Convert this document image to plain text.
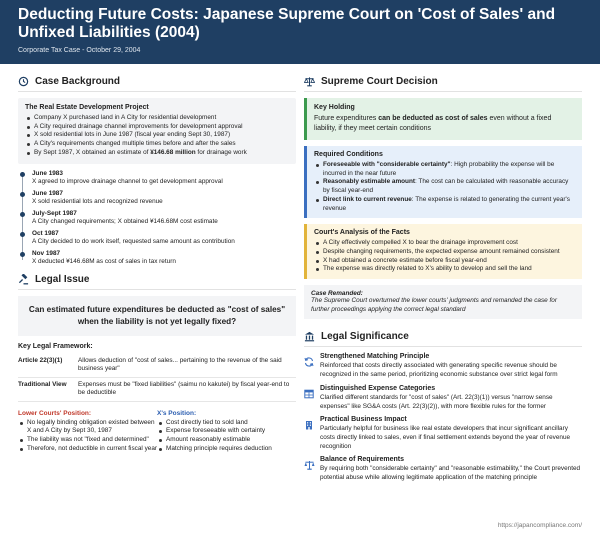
Deducting Future Costs: Japanese Supreme Court on 'Cost of Sales' and Unfixed Liabilities (2004)
Corporate Tax Case - October 29, 2004
Case Background
The Real Estate Development Project
Company X purchased land in A City for residential development
A City required drainage channel improvements for development approval
X sold residential lots in June 1987 (fiscal year ending Sept 30, 1987)
A City's requirements changed multiple times before and after the sales
By Sept 1987, X obtained an estimate of ¥146.68 million for drainage work
June 1983
X agreed to improve drainage channel to get development approval
June 1987
X sold residential lots and recognized revenue
July-Sept 1987
A City changed requirements; X obtained ¥146.68M cost estimate
Oct 1987
A City decided to do work itself, requested same amount as contribution
Nov 1987
X deducted ¥146.68M as cost of sales in tax return
Legal Issue
Can estimated future expenditures be deducted as "cost of sales" when the liability is not yet legally fixed?
Key Legal Framework:
Article 22(3)(1)	Allows deduction of "cost of sales... pertaining to the revenue of the said business year"
Traditional View	Expenses must be "fixed liabilities" (saimu no kakutei) by fiscal year-end to be deductible
Lower Courts' Position:
No legally binding obligation existed between X and A City by Sept 30, 1987
The liability was not "fixed and determined"
Therefore, not deductible in current fiscal year
X's Position:
Cost directly tied to sold land
Expense foreseeable with certainty
Amount reasonably estimable
Matching principle requires deduction
Supreme Court Decision
Key Holding

Future expenditures can be deducted as cost of sales even without a fixed liability, if they meet certain conditions

Required Conditions
Foreseeable with "considerable certainty": High probability the expense will be incurred in the near future
Reasonably estimable amount: The cost can be calculated with reasonable accuracy by fiscal year-end
Direct link to current revenue: The expense is related to generating the current year's revenue
Court's Analysis of the Facts
A City effectively compelled X to bear the drainage improvement cost
Despite changing requirements, the expected expense amount remained consistent
X had obtained a concrete estimate before fiscal year-end
The expense was directly related to X's ability to develop and sell the land
Case Remanded:

The Supreme Court overturned the lower courts' judgments and remanded the case for further proceedings applying the correct legal standard

Legal Significance
Strengthened Matching Principle

Reinforced that costs directly associated with generating specific revenue should be recognized in the same period, prioritizing economic substance over strict legal form

Distinguished Expense Categories

Clarified different standards for "cost of sales" (Art. 22(3)(1)) versus "narrow sense expenses" like SG&A costs (Art. 22(3)(2)), with more flexible rules for the former

Practical Business Impact

Particularly helpful for business like real estate developers that incur significant ancillary costs directly linked to sales, even if final settlement extends beyond the year of revenue recognition

Balance of Requirements

By requiring both "considerable certainty" and "reasonable estimability," the Court prevented potential abuse while allowing legitimate application of the matching principle

https://japancompliance.com/
